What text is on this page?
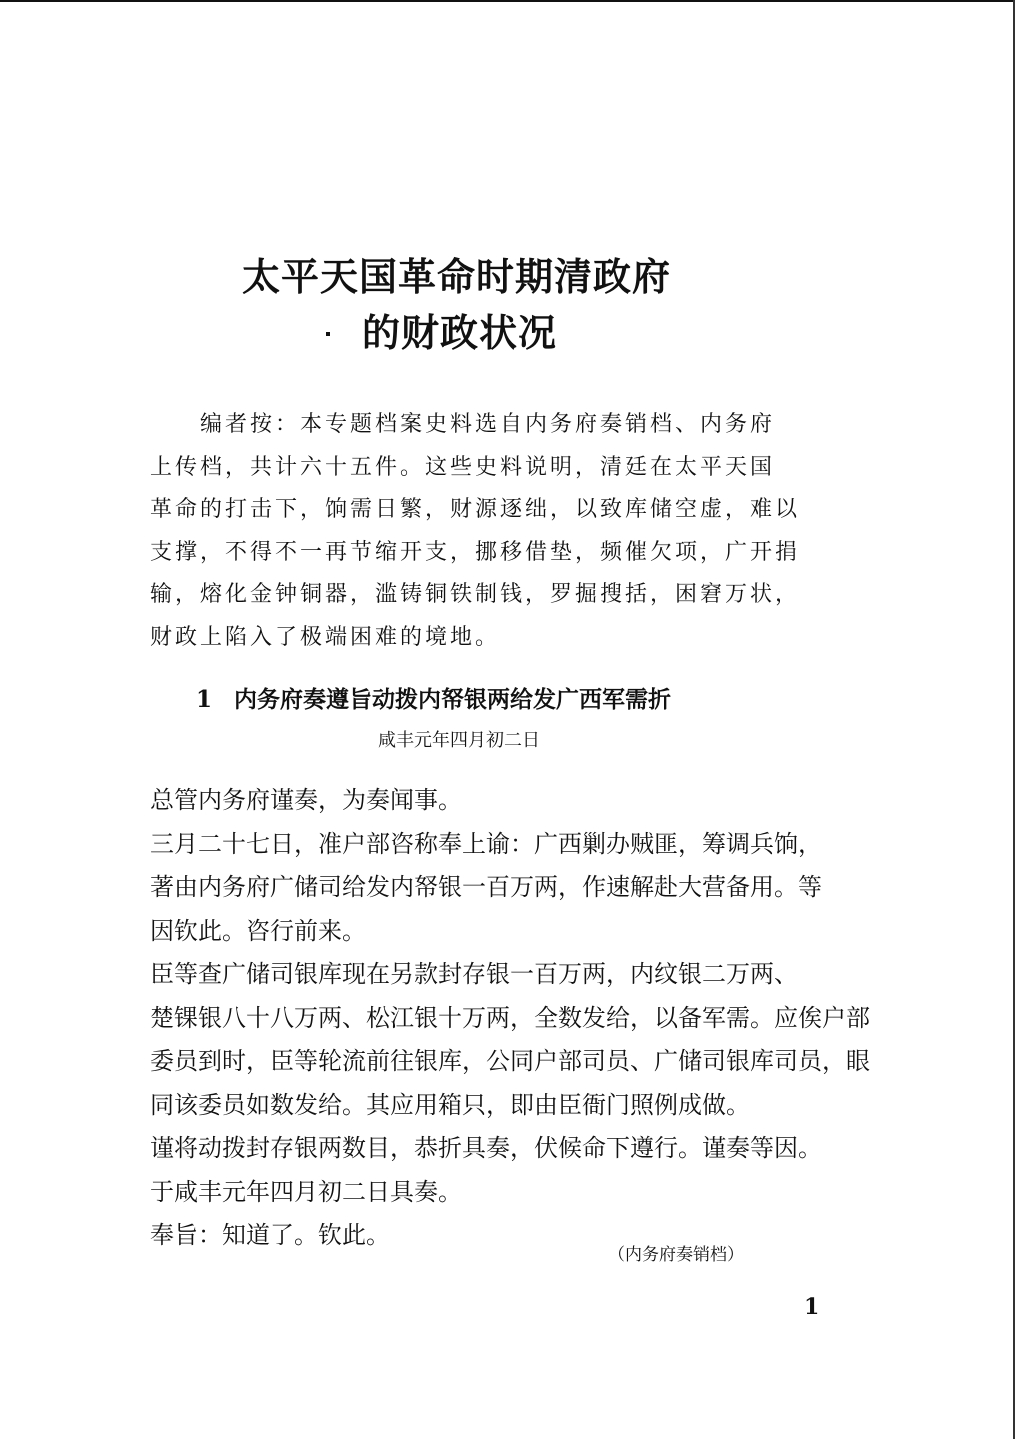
太平天国革命时期清政府
的财政状况
编者按：本专题档案史料选自内务府奏销档、内务府
上传档，共计六十五件。这些史料说明，清廷在太平天国
革命的打击下，饷需日繁，财源逐绌，以致库储空虚，难以
支撑，不得不一再节缩开支，挪移借垫，频催欠项，广开捐
输，熔化金钟铜器，滥铸铜铁制钱，罗掘搜括，困窘万状，
财政上陷入了极端困难的境地。
1 内务府奏遵旨动拨内帑银两给发广西军需折
咸丰元年四月初二日
总管内务府谨奏，为奏闻事。
三月二十七日，准户部咨称奉上谕：广西剿办贼匪，筹调兵饷，
著由内务府广储司给发内帑银一百万两，作速解赴大营备用。等
因钦此。咨行前来。
臣等查广储司银库现在另款封存银一百万两，内纹银二万两、
楚锞银八十八万两、松江银十万两，全数发给，以备军需。应俟户部
委员到时，臣等轮流前往银库，公同户部司员、广储司银库司员，眼
同该委员如数发给。其应用箱只，即由臣衙门照例成做。
谨将动拨封存银两数目，恭折具奏，伏候命下遵行。谨奏等因。
于咸丰元年四月初二日具奏。
奉旨：知道了。钦此。
（内务府奏销档）
1
